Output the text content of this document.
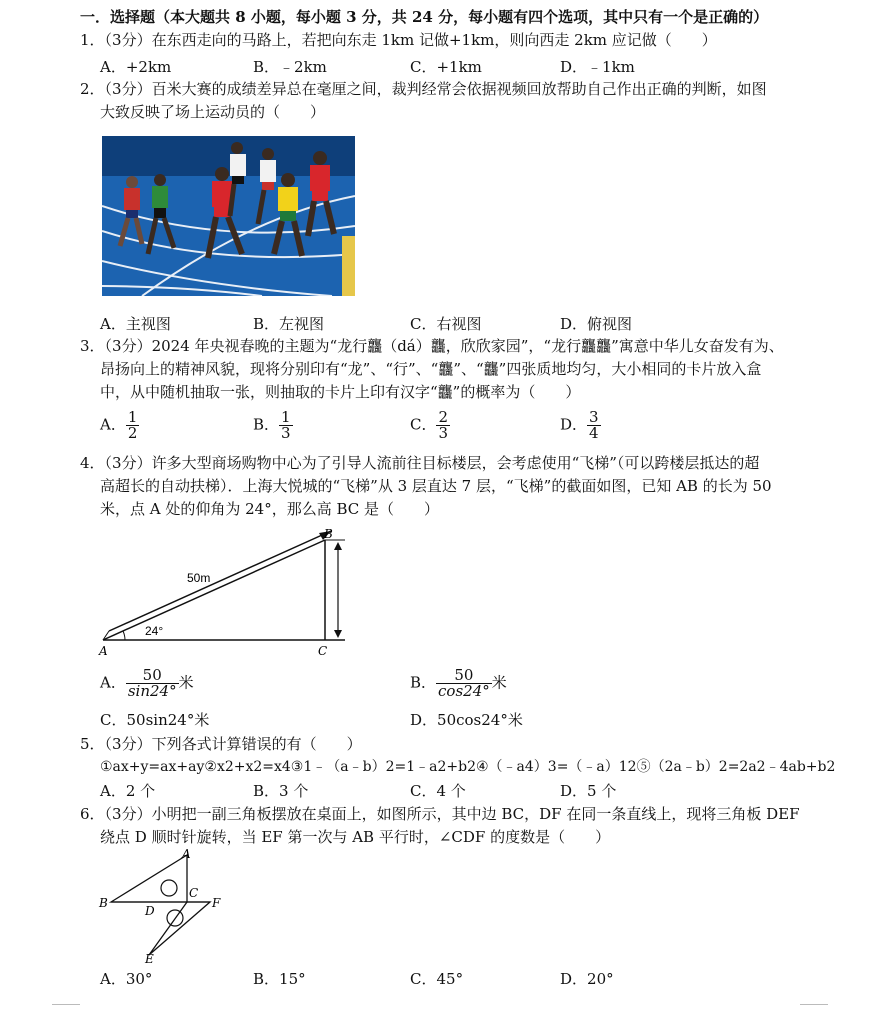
一．选择题（本大题共 8 小题，每小题 3 分，共 24 分，每小题有四个选项，其中只有一个是正确的）
1．（3分）在东西走向的马路上，若把向东走 1km 记做+1km，则向西走 2km 应记做（　　）
A．+2km	B．﹣2km	C．+1km	D．﹣1km
2．（3分）百米大赛的成绩差异总在毫厘之间，裁判经常会依据视频回放帮助自己作出正确的判断，如图
大致反映了场上运动员的（　　）
A．主视图	B．左视图	C．右视图	D．俯视图
3．（3分）2024 年央视春晚的主题为“龙行龘（dá）龘，欣欣家园”，“龙行龘龘”寓意中华儿女奋发有为、
昂扬向上的精神风貌，现将分别印有“龙”、“行”、“龘”、“龘”四张质地均匀，大小相同的卡片放入盒
中，从中随机抽取一张，则抽取的卡片上印有汉字“龘”的概率为（　　）
A． $\frac{1}{2}$	B． $\frac{1}{3}$	C． $\frac{2}{3}$	D． $\frac{3}{4}$
4．（3分）许多大型商场购物中心为了引导人流前往目标楼层，会考虑使用“飞梯”（可以跨楼层抵达的超
高超长的自动扶梯）．上海大悦城的“飞梯”从 3 层直达 7 层，“飞梯”的截面如图，已知 AB 的长为 50
米，点 A 处的仰角为 24°，那么高 BC 是（　　）
50m
24°
A
B
C
A． $\frac{50}{\sin 24^\circ}$ 米	B． $\frac{50}{\cos 24^\circ}$ 米
C．50sin24°米	D．50cos24°米
5．（3分）下列各式计算错误的有（　　）
①ax+y=ax+ay②x2+x2=x4③1﹣（a﹣b）2=1﹣a2+b2④（﹣a4）3=（﹣a）12⑤（2a﹣b）2=2a2﹣4ab+b2
A．2 个	B．3 个	C．4 个	D．5 个
6．（3分）小明把一副三角板摆放在桌面上，如图所示，其中边 BC，DF 在同一条直线上，现将三角板 DEF
绕点 D 顺时针旋转，当 EF 第一次与 AB 平行时，∠CDF 的度数是（　　）
A
B
C
D
E
F
A．30°	B．15°	C．45°	D．20°
